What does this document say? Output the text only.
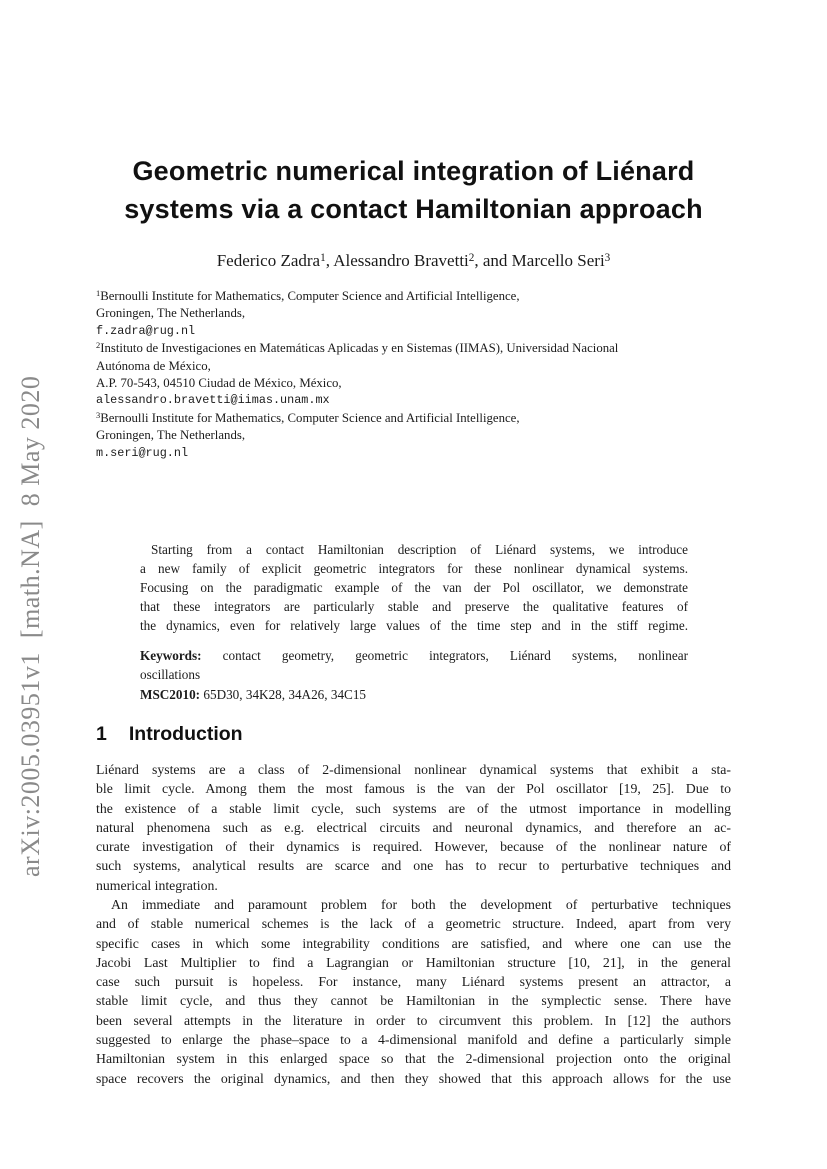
arXiv:2005.03951v1  [math.NA]  8 May 2020
Geometric numerical integration of Liénard
systems via a contact Hamiltonian approach
Federico Zadra$^1$, Alessandro Bravetti$^2$, and Marcello Seri$^3$
$^1$Bernoulli Institute for Mathematics, Computer Science and Artificial Intelligence,
Groningen, The Netherlands,
f.zadra@rug.nl
$^2$Instituto de Investigaciones en Matemáticas Aplicadas y en Sistemas (IIMAS), Universidad Nacional
Autónoma de México,
A.P. 70-543, 04510 Ciudad de México, México,
alessandro.bravetti@iimas.unam.mx
$^3$Bernoulli Institute for Mathematics, Computer Science and Artificial Intelligence,
Groningen, The Netherlands,
m.seri@rug.nl
Starting from a contact Hamiltonian description of Liénard systems, we introduce
a new family of explicit geometric integrators for these nonlinear dynamical systems.
Focusing on the paradigmatic example of the van der Pol oscillator, we demonstrate
that these integrators are particularly stable and preserve the qualitative features of
the dynamics, even for relatively large values of the time step and in the stiff regime.
Keywords: contact geometry, geometric integrators, Liénard systems, nonlinear
oscillations
MSC2010: 65D30, 34K28, 34A26, 34C15
1 Introduction
Liénard systems are a class of 2-dimensional nonlinear dynamical systems that exhibit a sta-
ble limit cycle. Among them the most famous is the van der Pol oscillator [19, 25]. Due to
the existence of a stable limit cycle, such systems are of the utmost importance in modelling
natural phenomena such as e.g. electrical circuits and neuronal dynamics, and therefore an ac-
curate investigation of their dynamics is required. However, because of the nonlinear nature of
such systems, analytical results are scarce and one has to recur to perturbative techniques and
numerical integration.
An immediate and paramount problem for both the development of perturbative techniques
and of stable numerical schemes is the lack of a geometric structure. Indeed, apart from very
specific cases in which some integrability conditions are satisfied, and where one can use the
Jacobi Last Multiplier to find a Lagrangian or Hamiltonian structure [10, 21], in the general
case such pursuit is hopeless. For instance, many Liénard systems present an attractor, a
stable limit cycle, and thus they cannot be Hamiltonian in the symplectic sense. There have
been several attempts in the literature in order to circumvent this problem. In [12] the authors
suggested to enlarge the phase–space to a 4-dimensional manifold and define a particularly simple
Hamiltonian system in this enlarged space so that the 2-dimensional projection onto the original
space recovers the original dynamics, and then they showed that this approach allows for the use
